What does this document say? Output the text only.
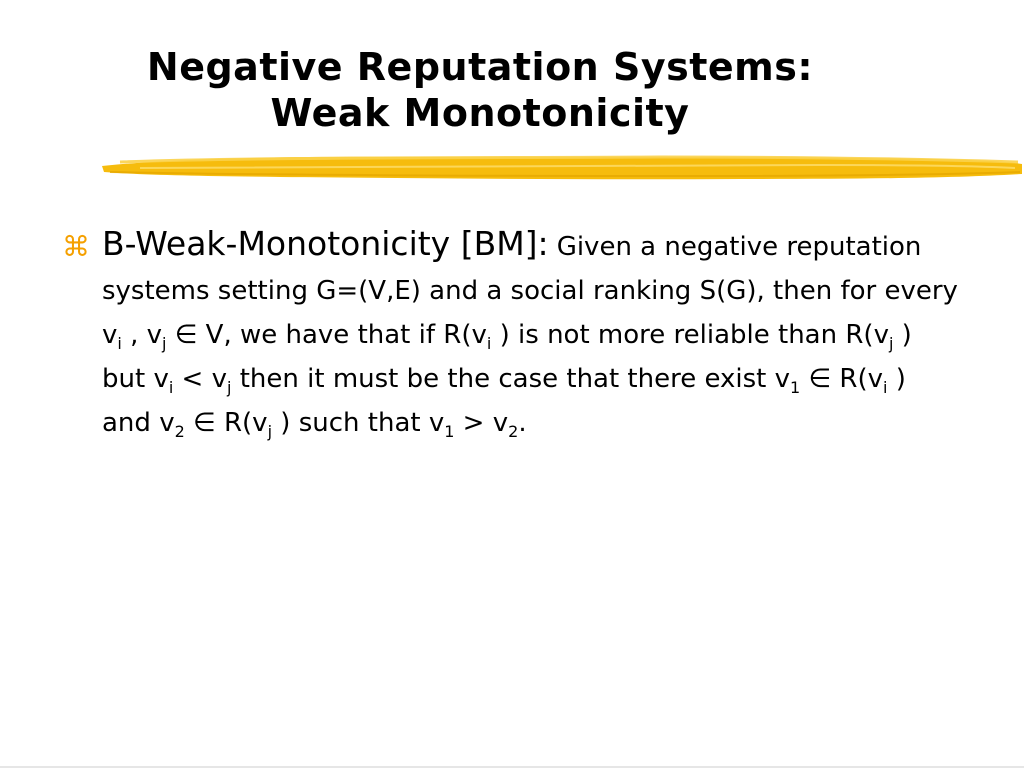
Negative Reputation Systems:
Weak Monotonicity
⌘ B-Weak-Monotonicity [BM]: Given a negative reputation systems setting G=(V,E) and a social ranking S(G), then for every $v_i$ , $v_j$ ∈ V, we have that if $R(v_i$ ) is not more reliable than $R(v_j$ ) but $v_i < v_j$ then it must be the case that there exist $v_1$ ∈ $R(v_i$ ) and $v_2$ ∈ $R(v_j$ ) such that $v_1 > v_2$.
